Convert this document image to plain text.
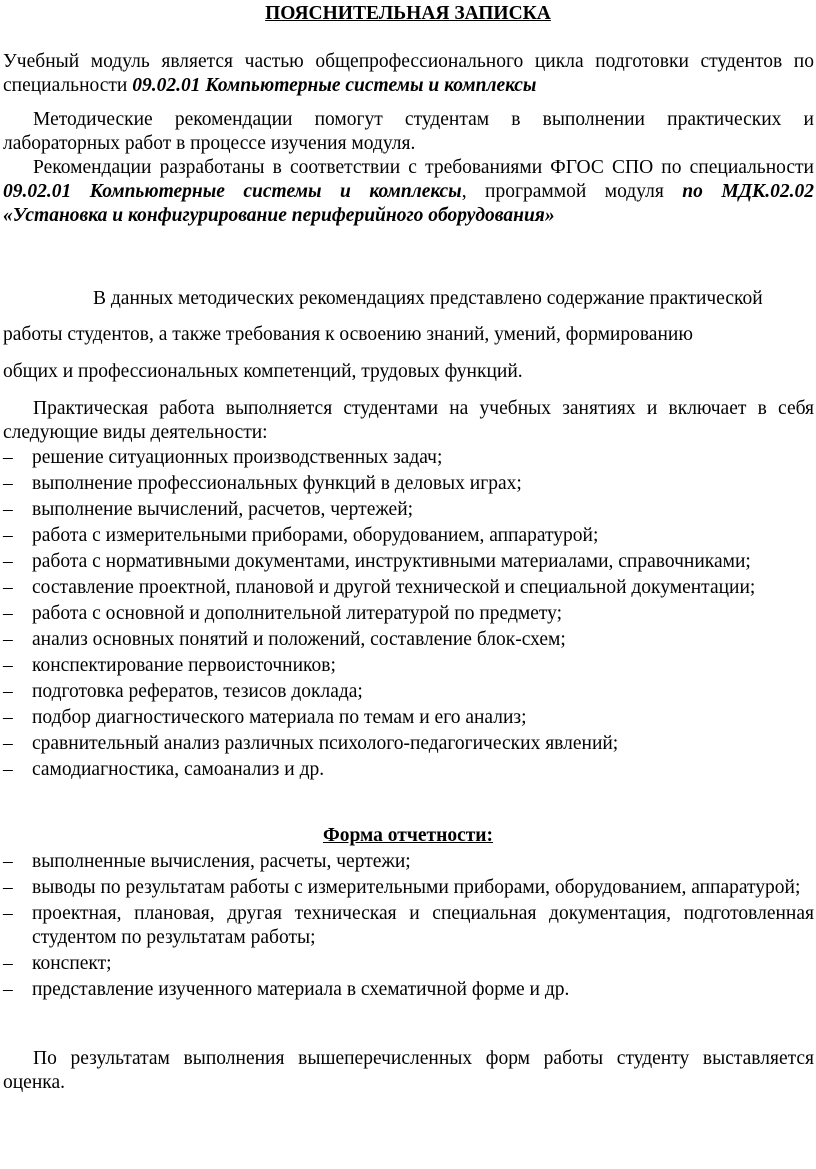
ПОЯСНИТЕЛЬНАЯ ЗАПИСКА
Учебный модуль является частью общепрофессионального цикла подготовки студентов по специальности 09.02.01 Компьютерные системы и комплексы
Методические рекомендации помогут студентам в выполнении практических и лабораторных работ в процессе изучения модуля.
Рекомендации разработаны в соответствии с требованиями ФГОС СПО по специальности 09.02.01 Компьютерные системы и комплексы, программой модуля по МДК.02.02 «Установка и конфигурирование периферийного оборудования»
В данных методических рекомендациях представлено содержание практической
работы студентов, а также требования к освоению знаний, умений, формированию
общих и профессиональных компетенций, трудовых функций.
Практическая работа выполняется студентами на учебных занятиях и включает в себя следующие виды деятельности:
– решение ситуационных производственных задач;
– выполнение профессиональных функций в деловых играх;
– выполнение вычислений, расчетов, чертежей;
– работа с измерительными приборами, оборудованием, аппаратурой;
– работа с нормативными документами, инструктивными материалами, справочниками;
– составление проектной, плановой и другой технической и специальной документации;
– работа с основной и дополнительной литературой по предмету;
– анализ основных понятий и положений, составление блок-схем;
– конспектирование первоисточников;
– подготовка рефератов, тезисов доклада;
– подбор диагностического материала по темам и его анализ;
– сравнительный анализ различных психолого-педагогических явлений;
– самодиагностика, самоанализ и др.
Форма отчетности:
– выполненные вычисления, расчеты, чертежи;
– выводы по результатам работы с измерительными приборами, оборудованием, аппаратурой;
– проектная, плановая, другая техническая и специальная документация, подготовленная студентом по результатам работы;
– конспект;
– представление изученного материала в схематичной форме и др.
По результатам выполнения вышеперечисленных форм работы студенту выставляется оценка.
